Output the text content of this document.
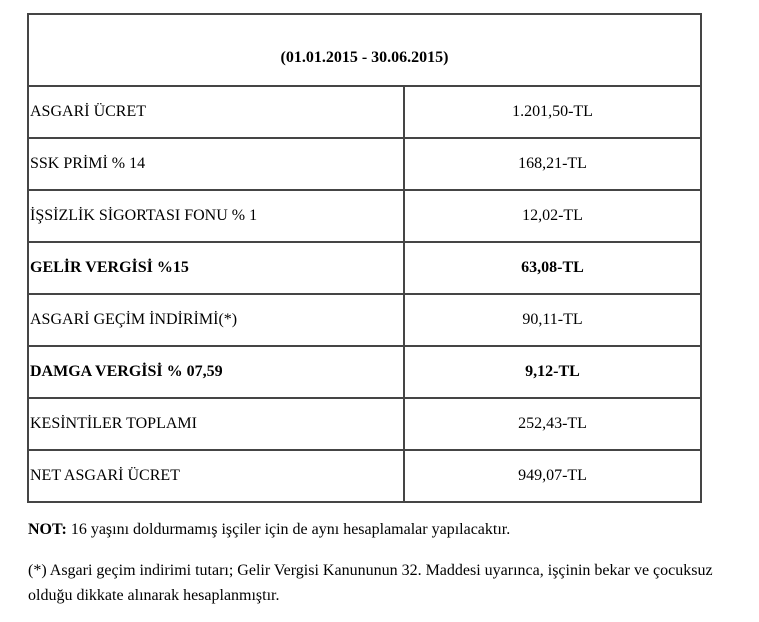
(01.01.2015 - 30.06.2015)	
ASGARİ ÜCRET	1.201,50-TL
SSK PRİMİ % 14	168,21-TL
İŞSİZLİK SİGORTASI FONU % 1	12,02-TL
GELİR VERGİSİ %15	63,08-TL
ASGARİ GEÇİM İNDİRİMİ(*)	90,11-TL
DAMGA VERGİSİ % 07,59	9,12-TL
KESİNTİLER TOPLAMI	252,43-TL
NET ASGARİ ÜCRET	949,07-TL

NOT: 16 yaşını doldurmamış işçiler için de aynı hesaplamalar yapılacaktır.

(*) Asgari geçim indirimi tutarı; Gelir Vergisi Kanununun 32. Maddesi uyarınca, işçinin bekar ve çocuksuz olduğu dikkate alınarak hesaplanmıştır.
